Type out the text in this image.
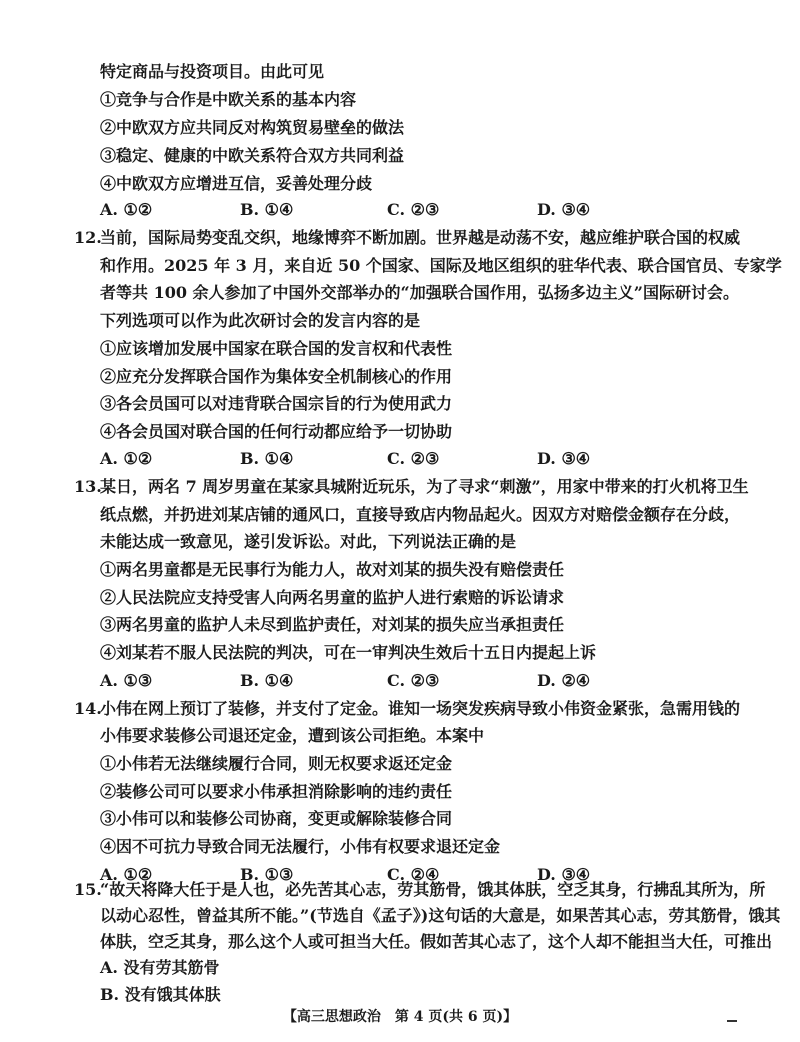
特定商品与投资项目。由此可见
①竞争与合作是中欧关系的基本内容
②中欧双方应共同反对构筑贸易壁垒的做法
③稳定、健康的中欧关系符合双方共同利益
④中欧双方应增进互信，妥善处理分歧
A. ①②	B. ①④	C. ②③	D. ③④
12.
当前，国际局势变乱交织，地缘博弈不断加剧。世界越是动荡不安，越应维护联合国的权威
和作用。2025 年 3 月，来自近 50 个国家、国际及地区组织的驻华代表、联合国官员、专家学
者等共 100 余人参加了中国外交部举办的“加强联合国作用，弘扬多边主义”国际研讨会。
下列选项可以作为此次研讨会的发言内容的是
①应该增加发展中国家在联合国的发言权和代表性
②应充分发挥联合国作为集体安全机制核心的作用
③各会员国可以对违背联合国宗旨的行为使用武力
④各会员国对联合国的任何行动都应给予一切协助
A. ①②	B. ①④	C. ②③	D. ③④
13.
某日，两名 7 周岁男童在某家具城附近玩乐，为了寻求“刺激”，用家中带来的打火机将卫生
纸点燃，并扔进刘某店铺的通风口，直接导致店内物品起火。因双方对赔偿金额存在分歧，
未能达成一致意见，遂引发诉讼。对此，下列说法正确的是
①两名男童都是无民事行为能力人，故对刘某的损失没有赔偿责任
②人民法院应支持受害人向两名男童的监护人进行索赔的诉讼请求
③两名男童的监护人未尽到监护责任，对刘某的损失应当承担责任
④刘某若不服人民法院的判决，可在一审判决生效后十五日内提起上诉
A. ①③	B. ①④	C. ②③	D. ②④
14.
小伟在网上预订了装修，并支付了定金。谁知一场突发疾病导致小伟资金紧张，急需用钱的
小伟要求装修公司退还定金，遭到该公司拒绝。本案中
①小伟若无法继续履行合同，则无权要求返还定金
②装修公司可以要求小伟承担消除影响的违约责任
③小伟可以和装修公司协商，变更或解除装修合同
④因不可抗力导致合同无法履行，小伟有权要求退还定金
A. ①②	B. ①③	C. ②④	D. ③④
15.
“故天将降大任于是人也，必先苦其心志，劳其筋骨，饿其体肤，空乏其身，行拂乱其所为，所
以动心忍性，曾益其所不能。”(节选自《孟子》)这句话的大意是，如果苦其心志，劳其筋骨，饿其
体肤，空乏其身，那么这个人或可担当大任。假如苦其心志了，这个人却不能担当大任，可推出
A. 没有劳其筋骨
【高三思想政治　第 4 页(共 6 页)】
B. 没有饿其体肤
